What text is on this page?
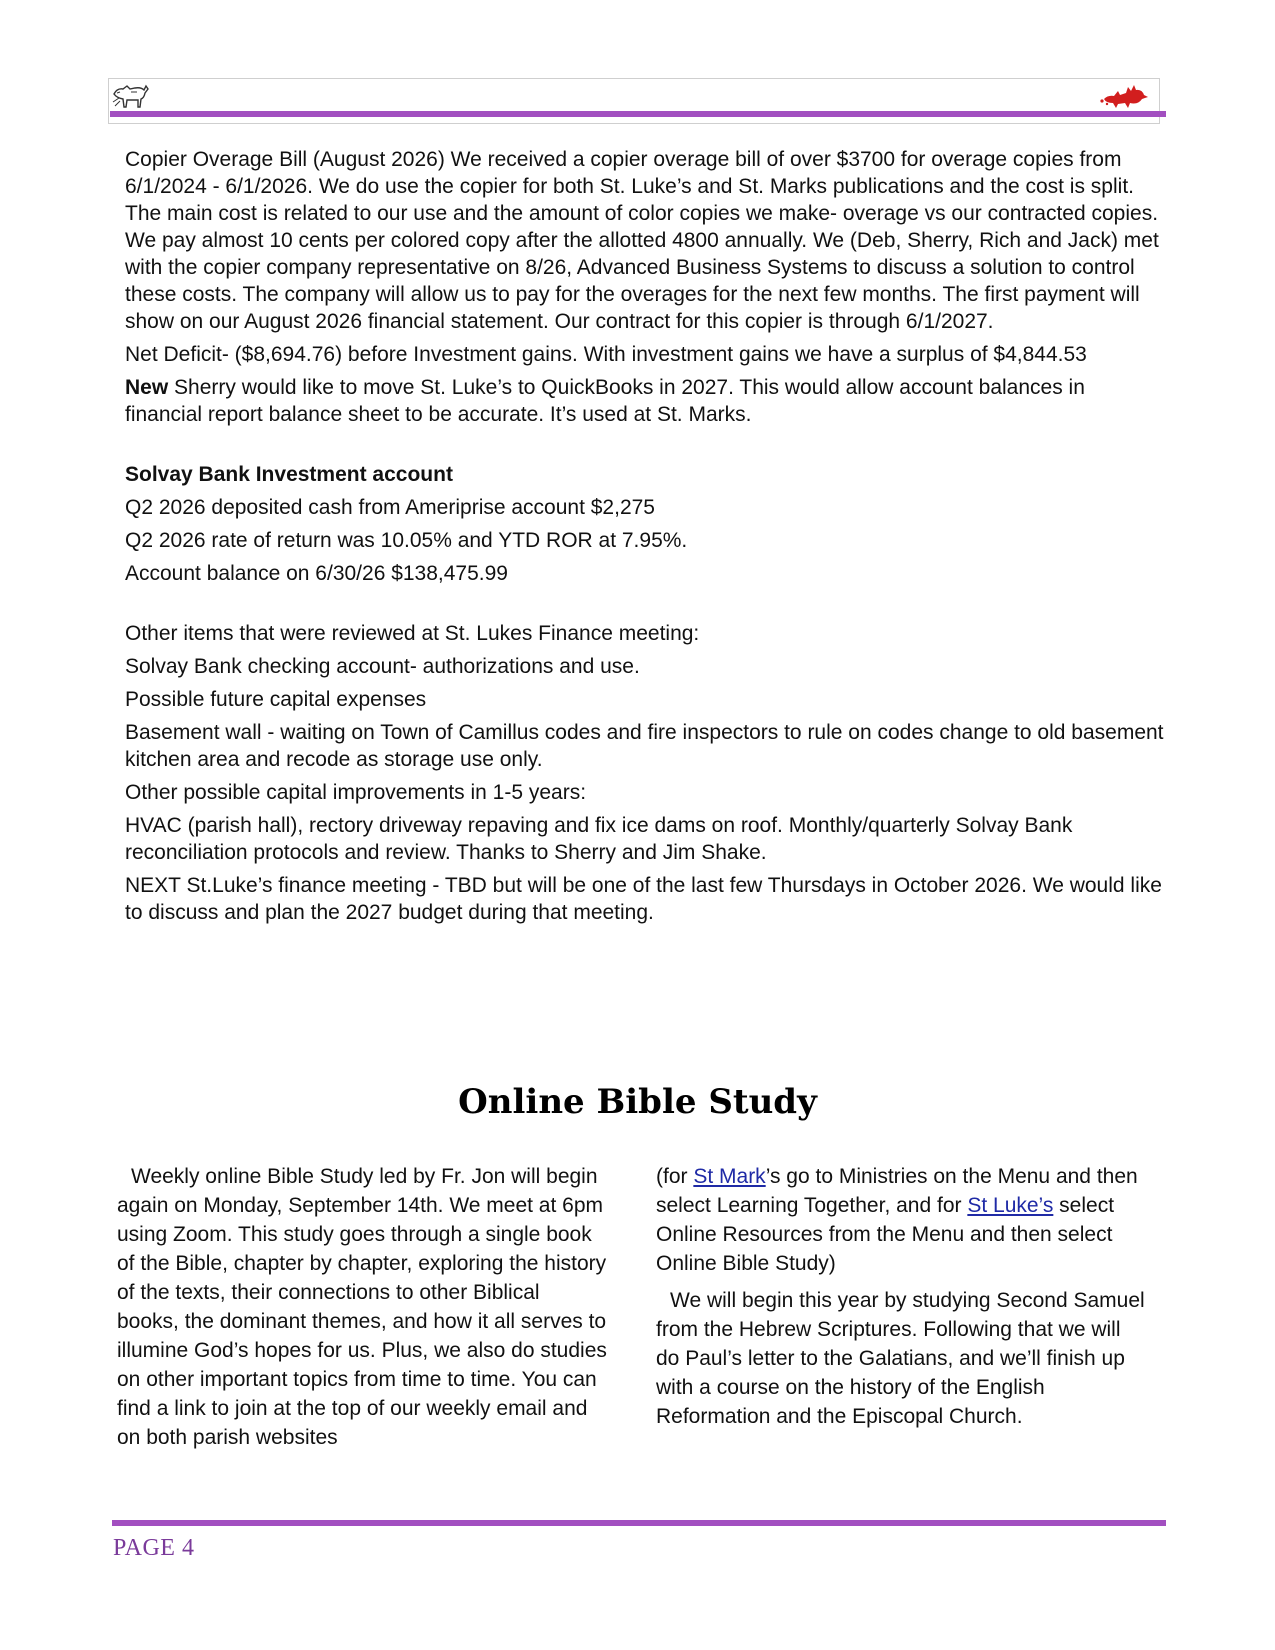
Copier Overage Bill (August 2026) We received a copier overage bill of over $3700 for overage copies from 6/1/2024 - 6/1/2026. We do use the copier for both St. Luke’s and St. Marks publications and the cost is split. The main cost is related to our use and the amount of color copies we make- overage vs our contracted copies. We pay almost 10 cents per colored copy after the allotted 4800 annually. We (Deb, Sherry, Rich and Jack) met with the copier company representative on 8/26, Advanced Business Systems to discuss a solution to control these costs. The company will allow us to pay for the overages for the next few months. The first payment will show on our August 2026 financial statement. Our contract for this copier is through 6/1/2027.

Net Deficit- ($8,694.76) before Investment gains. With investment gains we have a surplus of $4,844.53

New Sherry would like to move St. Luke’s to QuickBooks in 2027. This would allow account balances in financial report balance sheet to be accurate. It’s used at St. Marks.

Solvay Bank Investment account

Q2 2026 deposited cash from Ameriprise account $2,275

Q2 2026 rate of return was 10.05% and YTD ROR at 7.95%.

Account balance on 6/30/26 $138,475.99

Other items that were reviewed at St. Lukes Finance meeting:

Solvay Bank checking account- authorizations and use.

Possible future capital expenses

Basement wall - waiting on Town of Camillus codes and fire inspectors to rule on codes change to old basement kitchen area and recode as storage use only.

Other possible capital improvements in 1-5 years:

HVAC (parish hall), rectory driveway repaving and fix ice dams on roof. Monthly/quarterly Solvay Bank reconciliation protocols and review. Thanks to Sherry and Jim Shake.

NEXT St.Luke’s finance meeting - TBD but will be one of the last few Thursdays in October 2026. We would like to discuss and plan the 2027 budget during that meeting.

Online Bible Study

Weekly online Bible Study led by Fr. Jon will begin again on Monday, September 14th. We meet at 6pm using Zoom. This study goes through a single book of the Bible, chapter by chapter, exploring the history of the texts, their connections to other Biblical books, the dominant themes, and how it all serves to illumine God’s hopes for us. Plus, we also do studies on other important topics from time to time. You can find a link to join at the top of our weekly email and on both parish websites

(for St Mark’s go to Ministries on the Menu and then select Learning Together, and for St Luke’s select Online Resources from the Menu and then select Online Bible Study)

We will begin this year by studying Second Samuel from the Hebrew Scriptures. Following that we will do Paul’s letter to the Galatians, and we’ll finish up with a course on the history of the English Reformation and the Episcopal Church.

PAGE 4
